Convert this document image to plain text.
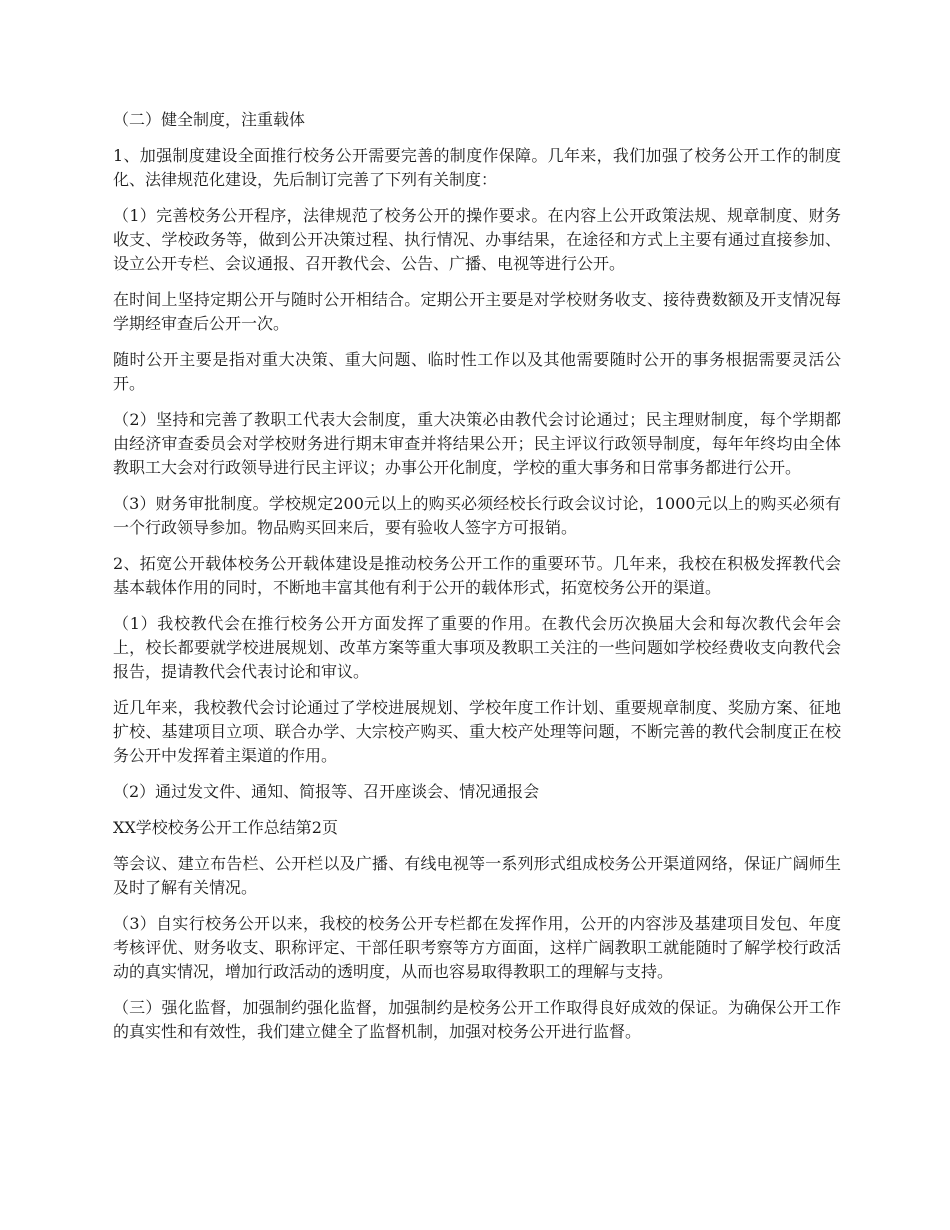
（二）健全制度，注重载体

1、加强制度建设全面推行校务公开需要完善的制度作保障。几年来，我们加强了校务公开工作的制度化、法律规范化建设，先后制订完善了下列有关制度：

（1）完善校务公开程序，法律规范了校务公开的操作要求。在内容上公开政策法规、规章制度、财务收支、学校政务等，做到公开决策过程、执行情况、办事结果，在途径和方式上主要有通过直接参加、设立公开专栏、会议通报、召开教代会、公告、广播、电视等进行公开。

在时间上坚持定期公开与随时公开相结合。定期公开主要是对学校财务收支、接待费数额及开支情况每学期经审查后公开一次。

随时公开主要是指对重大决策、重大问题、临时性工作以及其他需要随时公开的事务根据需要灵活公开。

（2）坚持和完善了教职工代表大会制度，重大决策必由教代会讨论通过；民主理财制度，每个学期都由经济审查委员会对学校财务进行期末审查并将结果公开；民主评议行政领导制度，每年年终均由全体教职工大会对行政领导进行民主评议；办事公开化制度，学校的重大事务和日常事务都进行公开。

（3）财务审批制度。学校规定200元以上的购买必须经校长行政会议讨论，1000元以上的购买必须有一个行政领导参加。物品购买回来后，要有验收人签字方可报销。

2、拓宽公开载体校务公开载体建设是推动校务公开工作的重要环节。几年来，我校在积极发挥教代会基本载体作用的同时，不断地丰富其他有利于公开的载体形式，拓宽校务公开的渠道。

（1）我校教代会在推行校务公开方面发挥了重要的作用。在教代会历次换届大会和每次教代会年会上，校长都要就学校进展规划、改革方案等重大事项及教职工关注的一些问题如学校经费收支向教代会报告，提请教代会代表讨论和审议。

近几年来，我校教代会讨论通过了学校进展规划、学校年度工作计划、重要规章制度、奖励方案、征地扩校、基建项目立项、联合办学、大宗校产购买、重大校产处理等问题，不断完善的教代会制度正在校务公开中发挥着主渠道的作用。

（2）通过发文件、通知、简报等、召开座谈会、情况通报会

XX学校校务公开工作总结第2页

等会议、建立布告栏、公开栏以及广播、有线电视等一系列形式组成校务公开渠道网络，保证广阔师生及时了解有关情况。

（3）自实行校务公开以来，我校的校务公开专栏都在发挥作用，公开的内容涉及基建项目发包、年度考核评优、财务收支、职称评定、干部任职考察等方方面面，这样广阔教职工就能随时了解学校行政活动的真实情况，增加行政活动的透明度，从而也容易取得教职工的理解与支持。

（三）强化监督，加强制约强化监督，加强制约是校务公开工作取得良好成效的保证。为确保公开工作的真实性和有效性，我们建立健全了监督机制，加强对校务公开进行监督。
